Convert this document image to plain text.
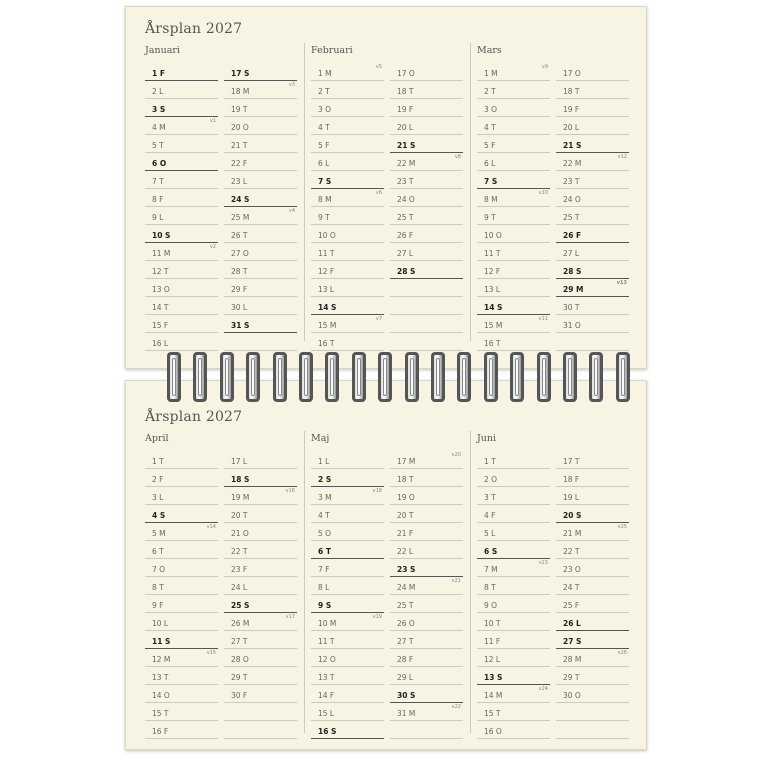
Årsplan 2027
Januari
1 F
2 L
3 S
4 M
v1
5 T
6 O
7 T
8 F
9 L
10 S
11 M
v2
12 T
13 O
14 T
15 F
16 L
17 S
18 M
v3
19 T
20 O
21 T
22 F
23 L
24 S
25 M
v4
26 T
27 O
28 T
29 F
30 L
31 S
Februari
1 M
v5
2 T
3 O
4 T
5 F
6 L
7 S
8 M
v6
9 T
10 O
11 T
12 F
13 L
14 S
15 M
v7
16 T
17 O
18 T
19 F
20 L
21 S
22 M
v8
23 T
24 O
25 T
26 F
27 L
28 S
Mars
1 M
v9
2 T
3 O
4 T
5 F
6 L
7 S
8 M
v10
9 T
10 O
11 T
12 F
13 L
14 S
15 M
v11
16 T
17 O
18 T
19 F
20 L
21 S
22 M
v12
23 T
24 O
25 T
26 F
27 L
28 S
29 M
v13
30 T
31 O
Årsplan 2027
April
1 T
2 F
3 L
4 S
5 M
v14
6 T
7 O
8 T
9 F
10 L
11 S
12 M
v15
13 T
14 O
15 T
16 F
17 L
18 S
19 M
v16
20 T
21 O
22 T
23 F
24 L
25 S
26 M
v17
27 T
28 O
29 T
30 F
Maj
1 L
2 S
3 M
v18
4 T
5 O
6 T
7 F
8 L
9 S
10 M
v19
11 T
12 O
13 T
14 F
15 L
16 S
17 M
v20
18 T
19 O
20 T
21 F
22 L
23 S
24 M
v21
25 T
26 O
27 T
28 F
29 L
30 S
31 M
v22
Juni
1 T
2 O
3 T
4 F
5 L
6 S
7 M
v23
8 T
9 O
10 T
11 F
12 L
13 S
14 M
v24
15 T
16 O
17 T
18 F
19 L
20 S
21 M
v25
22 T
23 O
24 T
25 F
26 L
27 S
28 M
v26
29 T
30 O
